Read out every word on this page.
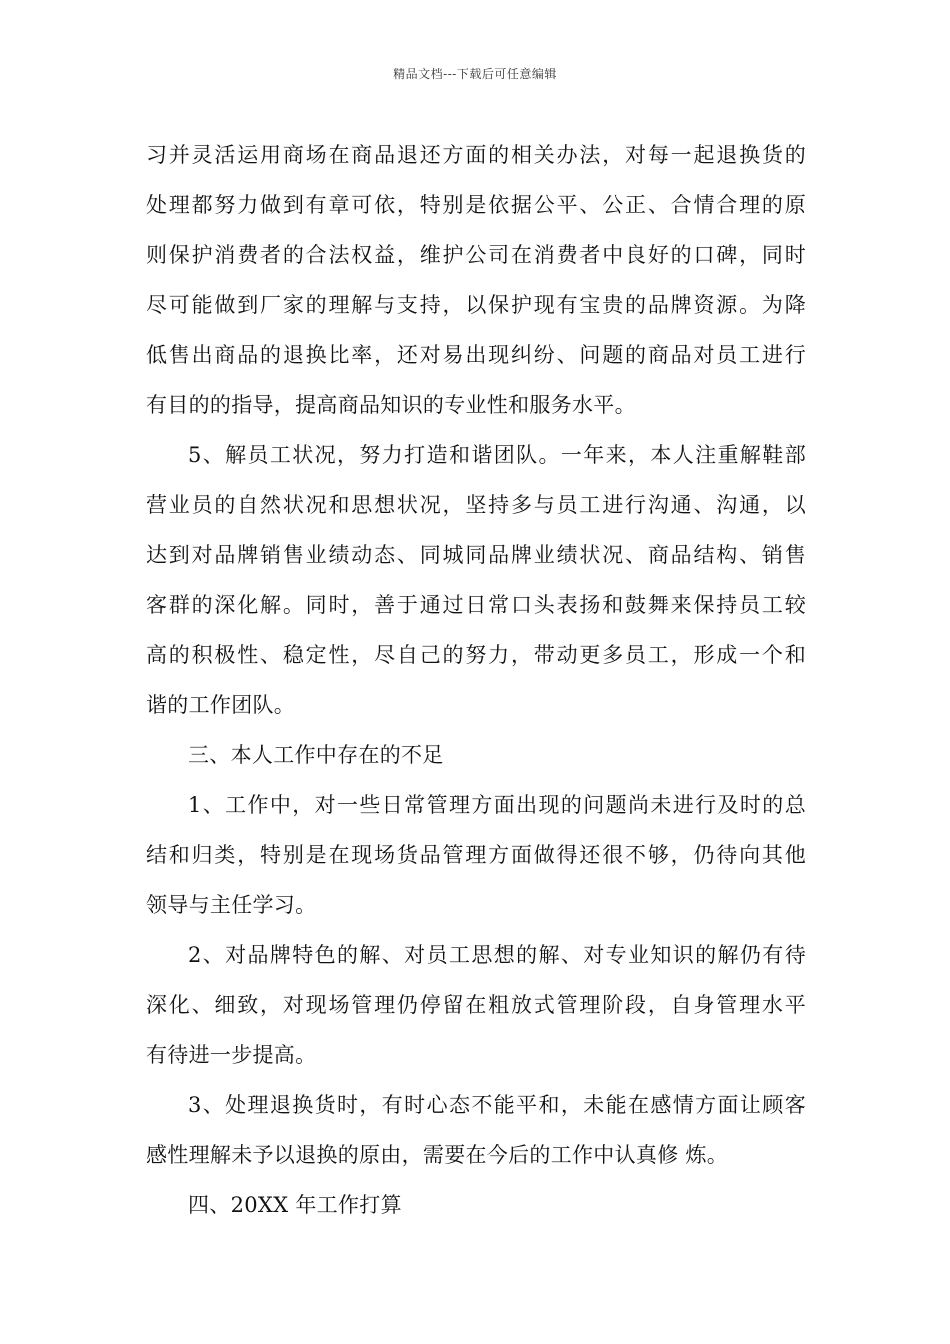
精品文档---下载后可任意编辑
习并灵活运用商场在商品退还方面的相关办法，对每一起退换货的
处理都努力做到有章可依，特别是依据公平、公正、合情合理的原
则保护消费者的合法权益，维护公司在消费者中良好的口碑，同时
尽可能做到厂家的理解与支持，以保护现有宝贵的品牌资源。为降
低售出商品的退换比率，还对易出现纠纷、问题的商品对员工进行
有目的的指导，提高商品知识的专业性和服务水平。
5、解员工状况，努力打造和谐团队。一年来，本人注重解鞋部
营业员的自然状况和思想状况，坚持多与员工进行沟通、沟通，以
达到对品牌销售业绩动态、同城同品牌业绩状况、商品结构、销售
客群的深化解。同时，善于通过日常口头表扬和鼓舞来保持员工较
高的积极性、稳定性，尽自己的努力，带动更多员工，形成一个和
谐的工作团队。
三、本人工作中存在的不足
1、工作中，对一些日常管理方面出现的问题尚未进行及时的总
结和归类，特别是在现场货品管理方面做得还很不够，仍待向其他
领导与主任学习。
2、对品牌特色的解、对员工思想的解、对专业知识的解仍有待
深化、细致，对现场管理仍停留在粗放式管理阶段，自身管理水平
有待进一步提高。
3、处理退换货时，有时心态不能平和，未能在感情方面让顾客
感性理解未予以退换的原由，需要在今后的工作中认真修 炼。
四、20XX 年工作打算
